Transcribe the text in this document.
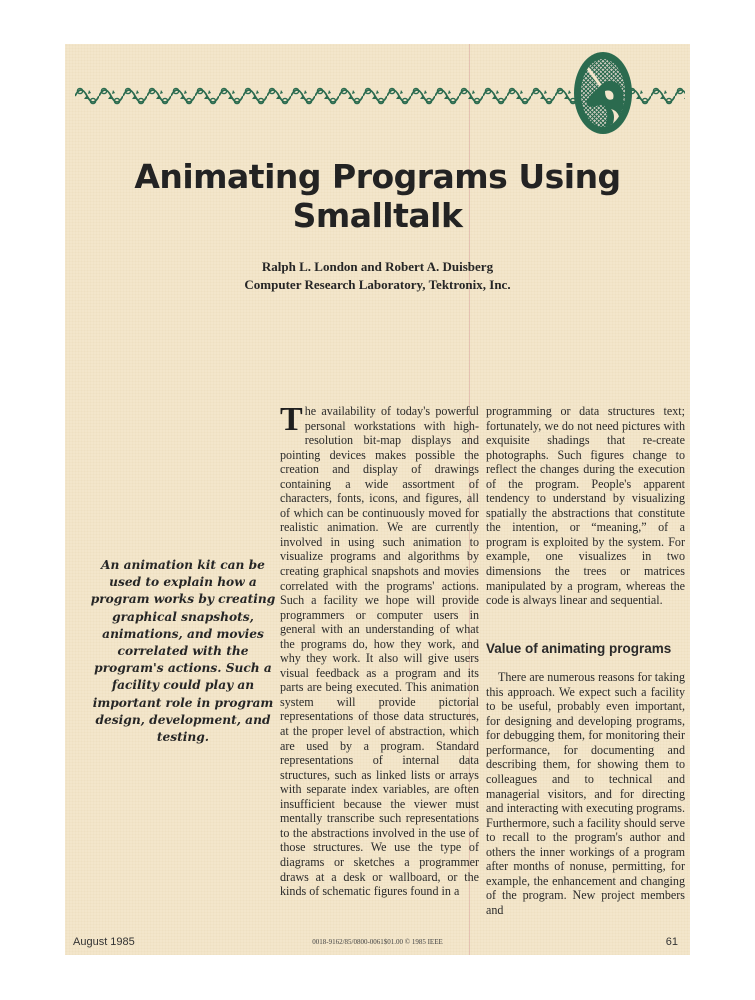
Animating Programs Using Smalltalk
Ralph L. London and Robert A. Duisberg
Computer Research Laboratory, Tektronix, Inc.
An animation kit can be used to explain how a program works by creating graphical snapshots, animations, and movies correlated with the program's actions. Such a facility could play an important role in program design, development, and testing.

The availability of today's powerful personal workstations with high-resolution bit-map displays and pointing devices makes possible the creation and display of drawings containing a wide assortment of characters, fonts, icons, and figures, all of which can be continuously moved for realistic animation. We are currently involved in using such animation to visualize programs and algorithms by creating graphical snapshots and movies correlated with the programs' actions. Such a facility we hope will provide programmers or computer users in general with an understanding of what the programs do, how they work, and why they work. It also will give users visual feedback as a program and its parts are being executed. This animation system will provide pictorial representations of those data structures, at the proper level of abstraction, which are used by a program. Standard representations of internal data structures, such as linked lists or arrays with separate index variables, are often insufficient because the viewer must mentally transcribe such representations to the abstractions involved in the use of those structures. We use the type of diagrams or sketches a programmer draws at a desk or wallboard, or the kinds of schematic figures found in a

programming or data structures text; fortunately, we do not need pictures with exquisite shadings that re-create photographs. Such figures change to reflect the changes during the execution of the program. People's apparent tendency to understand by visualizing spatially the abstractions that constitute the intention, or “meaning,” of a program is exploited by the system. For example, one visualizes in two dimensions the trees or matrices manipulated by a program, whereas the code is always linear and sequential.

Value of animating programs

There are numerous reasons for taking this approach. We expect such a facility to be useful, probably even important, for designing and developing programs, for debugging them, for monitoring their performance, for documenting and describing them, for showing them to colleagues and to technical and managerial visitors, and for directing and interacting with executing programs. Furthermore, such a facility should serve to recall to the program's author and others the inner workings of a program after months of nonuse, permitting, for example, the enhancement and changing of the program. New project members and

August 1985	0018-9162/85/0800-0061$01.00 © 1985 IEEE	61
